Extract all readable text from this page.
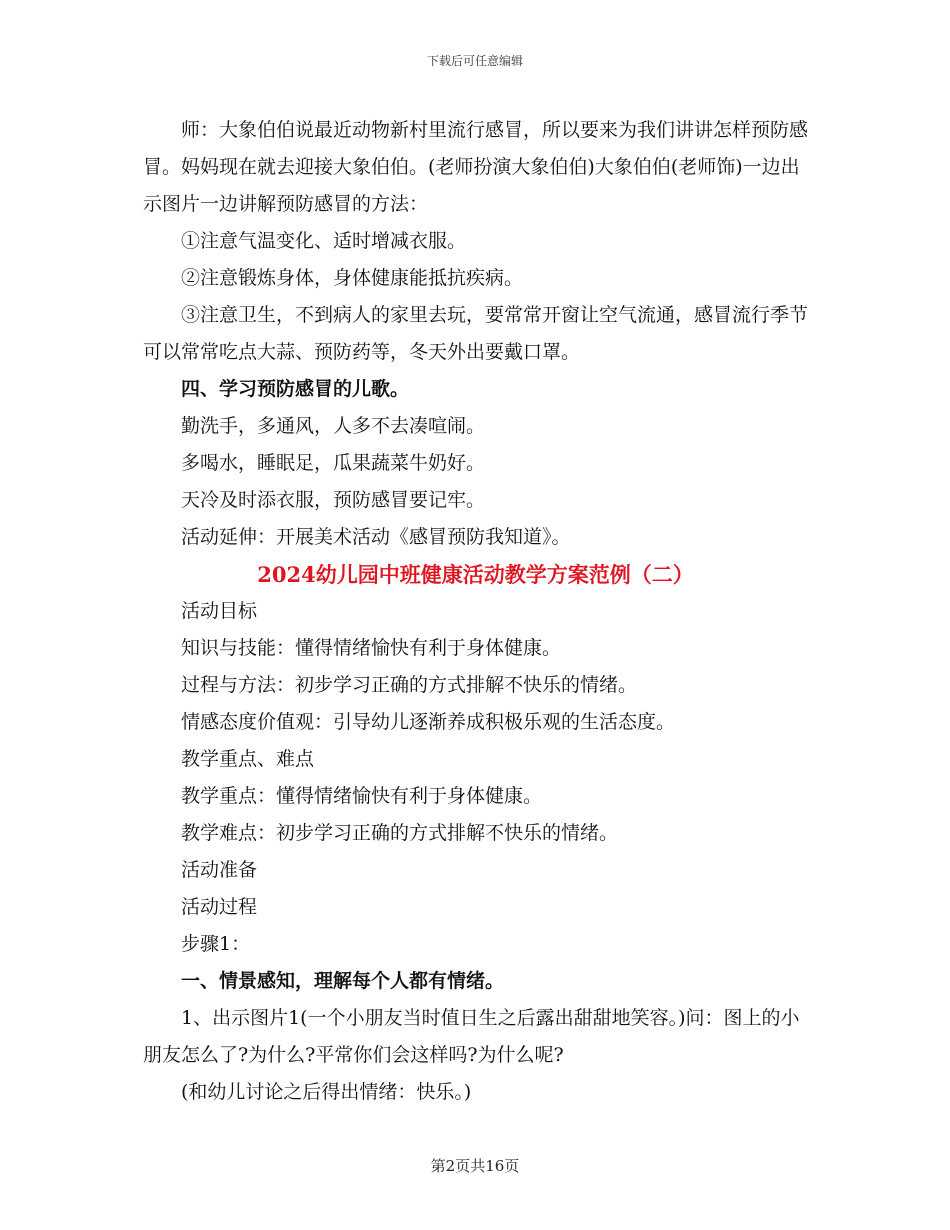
下载后可任意编辑

师：大象伯伯说最近动物新村里流行感冒，所以要来为我们讲讲怎样预防感冒。妈妈现在就去迎接大象伯伯。(老师扮演大象伯伯)大象伯伯(老师饰)一边出示图片一边讲解预防感冒的方法：

①注意气温变化、适时增减衣服。

②注意锻炼身体，身体健康能抵抗疾病。

③注意卫生，不到病人的家里去玩，要常常开窗让空气流通，感冒流行季节可以常常吃点大蒜、预防药等，冬天外出要戴口罩。

四、学习预防感冒的儿歌。

勤洗手，多通风，人多不去凑喧闹。

多喝水，睡眠足，瓜果蔬菜牛奶好。

天冷及时添衣服，预防感冒要记牢。

活动延伸：开展美术活动《感冒预防我知道》。

2024幼儿园中班健康活动教学方案范例（二）

活动目标

知识与技能：懂得情绪愉快有利于身体健康。

过程与方法：初步学习正确的方式排解不快乐的情绪。

情感态度价值观：引导幼儿逐渐养成积极乐观的生活态度。

教学重点、难点

教学重点：懂得情绪愉快有利于身体健康。

教学难点：初步学习正确的方式排解不快乐的情绪。

活动准备

活动过程

步骤1：

一、情景感知，理解每个人都有情绪。

1、出示图片1(一个小朋友当时值日生之后露出甜甜地笑容。)问：图上的小朋友怎么了?为什么?平常你们会这样吗?为什么呢?

(和幼儿讨论之后得出情绪：快乐。)

第2页共16页
